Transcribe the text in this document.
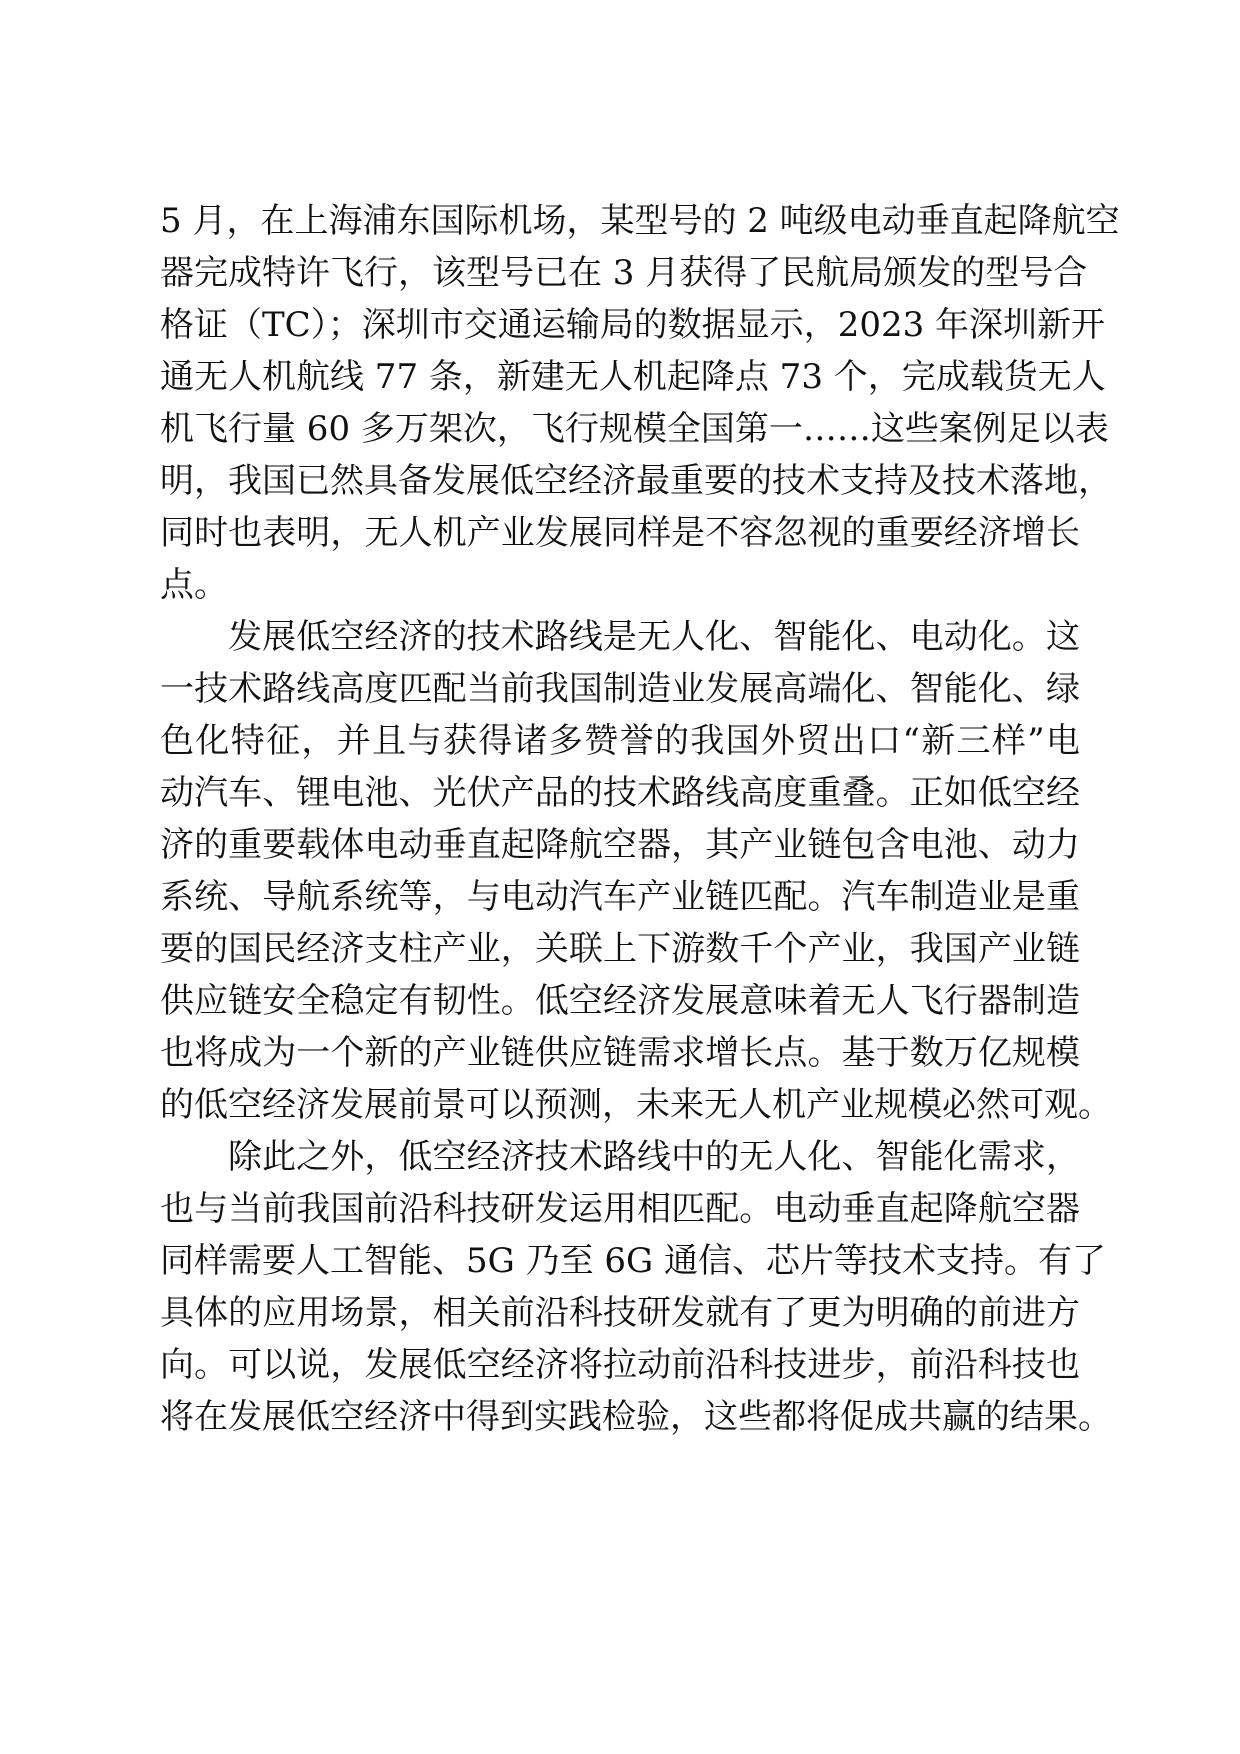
5 月，在上海浦东国际机场，某型号的 2 吨级电动垂直起降航空
器完成特许飞行，该型号已在 3 月获得了民航局颁发的型号合
格证（TC）；深圳市交通运输局的数据显示，2023 年深圳新开
通无人机航线 77 条，新建无人机起降点 73 个，完成载货无人
机飞行量 60 多万架次，飞行规模全国第一……这些案例足以表
明，我国已然具备发展低空经济最重要的技术支持及技术落地，
同时也表明，无人机产业发展同样是不容忽视的重要经济增长
点。
发展低空经济的技术路线是无人化、智能化、电动化。这
一技术路线高度匹配当前我国制造业发展高端化、智能化、绿
色化特征，并且与获得诸多赞誉的我国外贸出口“新三样”电
动汽车、锂电池、光伏产品的技术路线高度重叠。正如低空经
济的重要载体电动垂直起降航空器，其产业链包含电池、动力
系统、导航系统等，与电动汽车产业链匹配。汽车制造业是重
要的国民经济支柱产业，关联上下游数千个产业，我国产业链
供应链安全稳定有韧性。低空经济发展意味着无人飞行器制造
也将成为一个新的产业链供应链需求增长点。基于数万亿规模
的低空经济发展前景可以预测，未来无人机产业规模必然可观。
除此之外，低空经济技术路线中的无人化、智能化需求，
也与当前我国前沿科技研发运用相匹配。电动垂直起降航空器
同样需要人工智能、5G 乃至 6G 通信、芯片等技术支持。有了
具体的应用场景，相关前沿科技研发就有了更为明确的前进方
向。可以说，发展低空经济将拉动前沿科技进步，前沿科技也
将在发展低空经济中得到实践检验，这些都将促成共赢的结果。
